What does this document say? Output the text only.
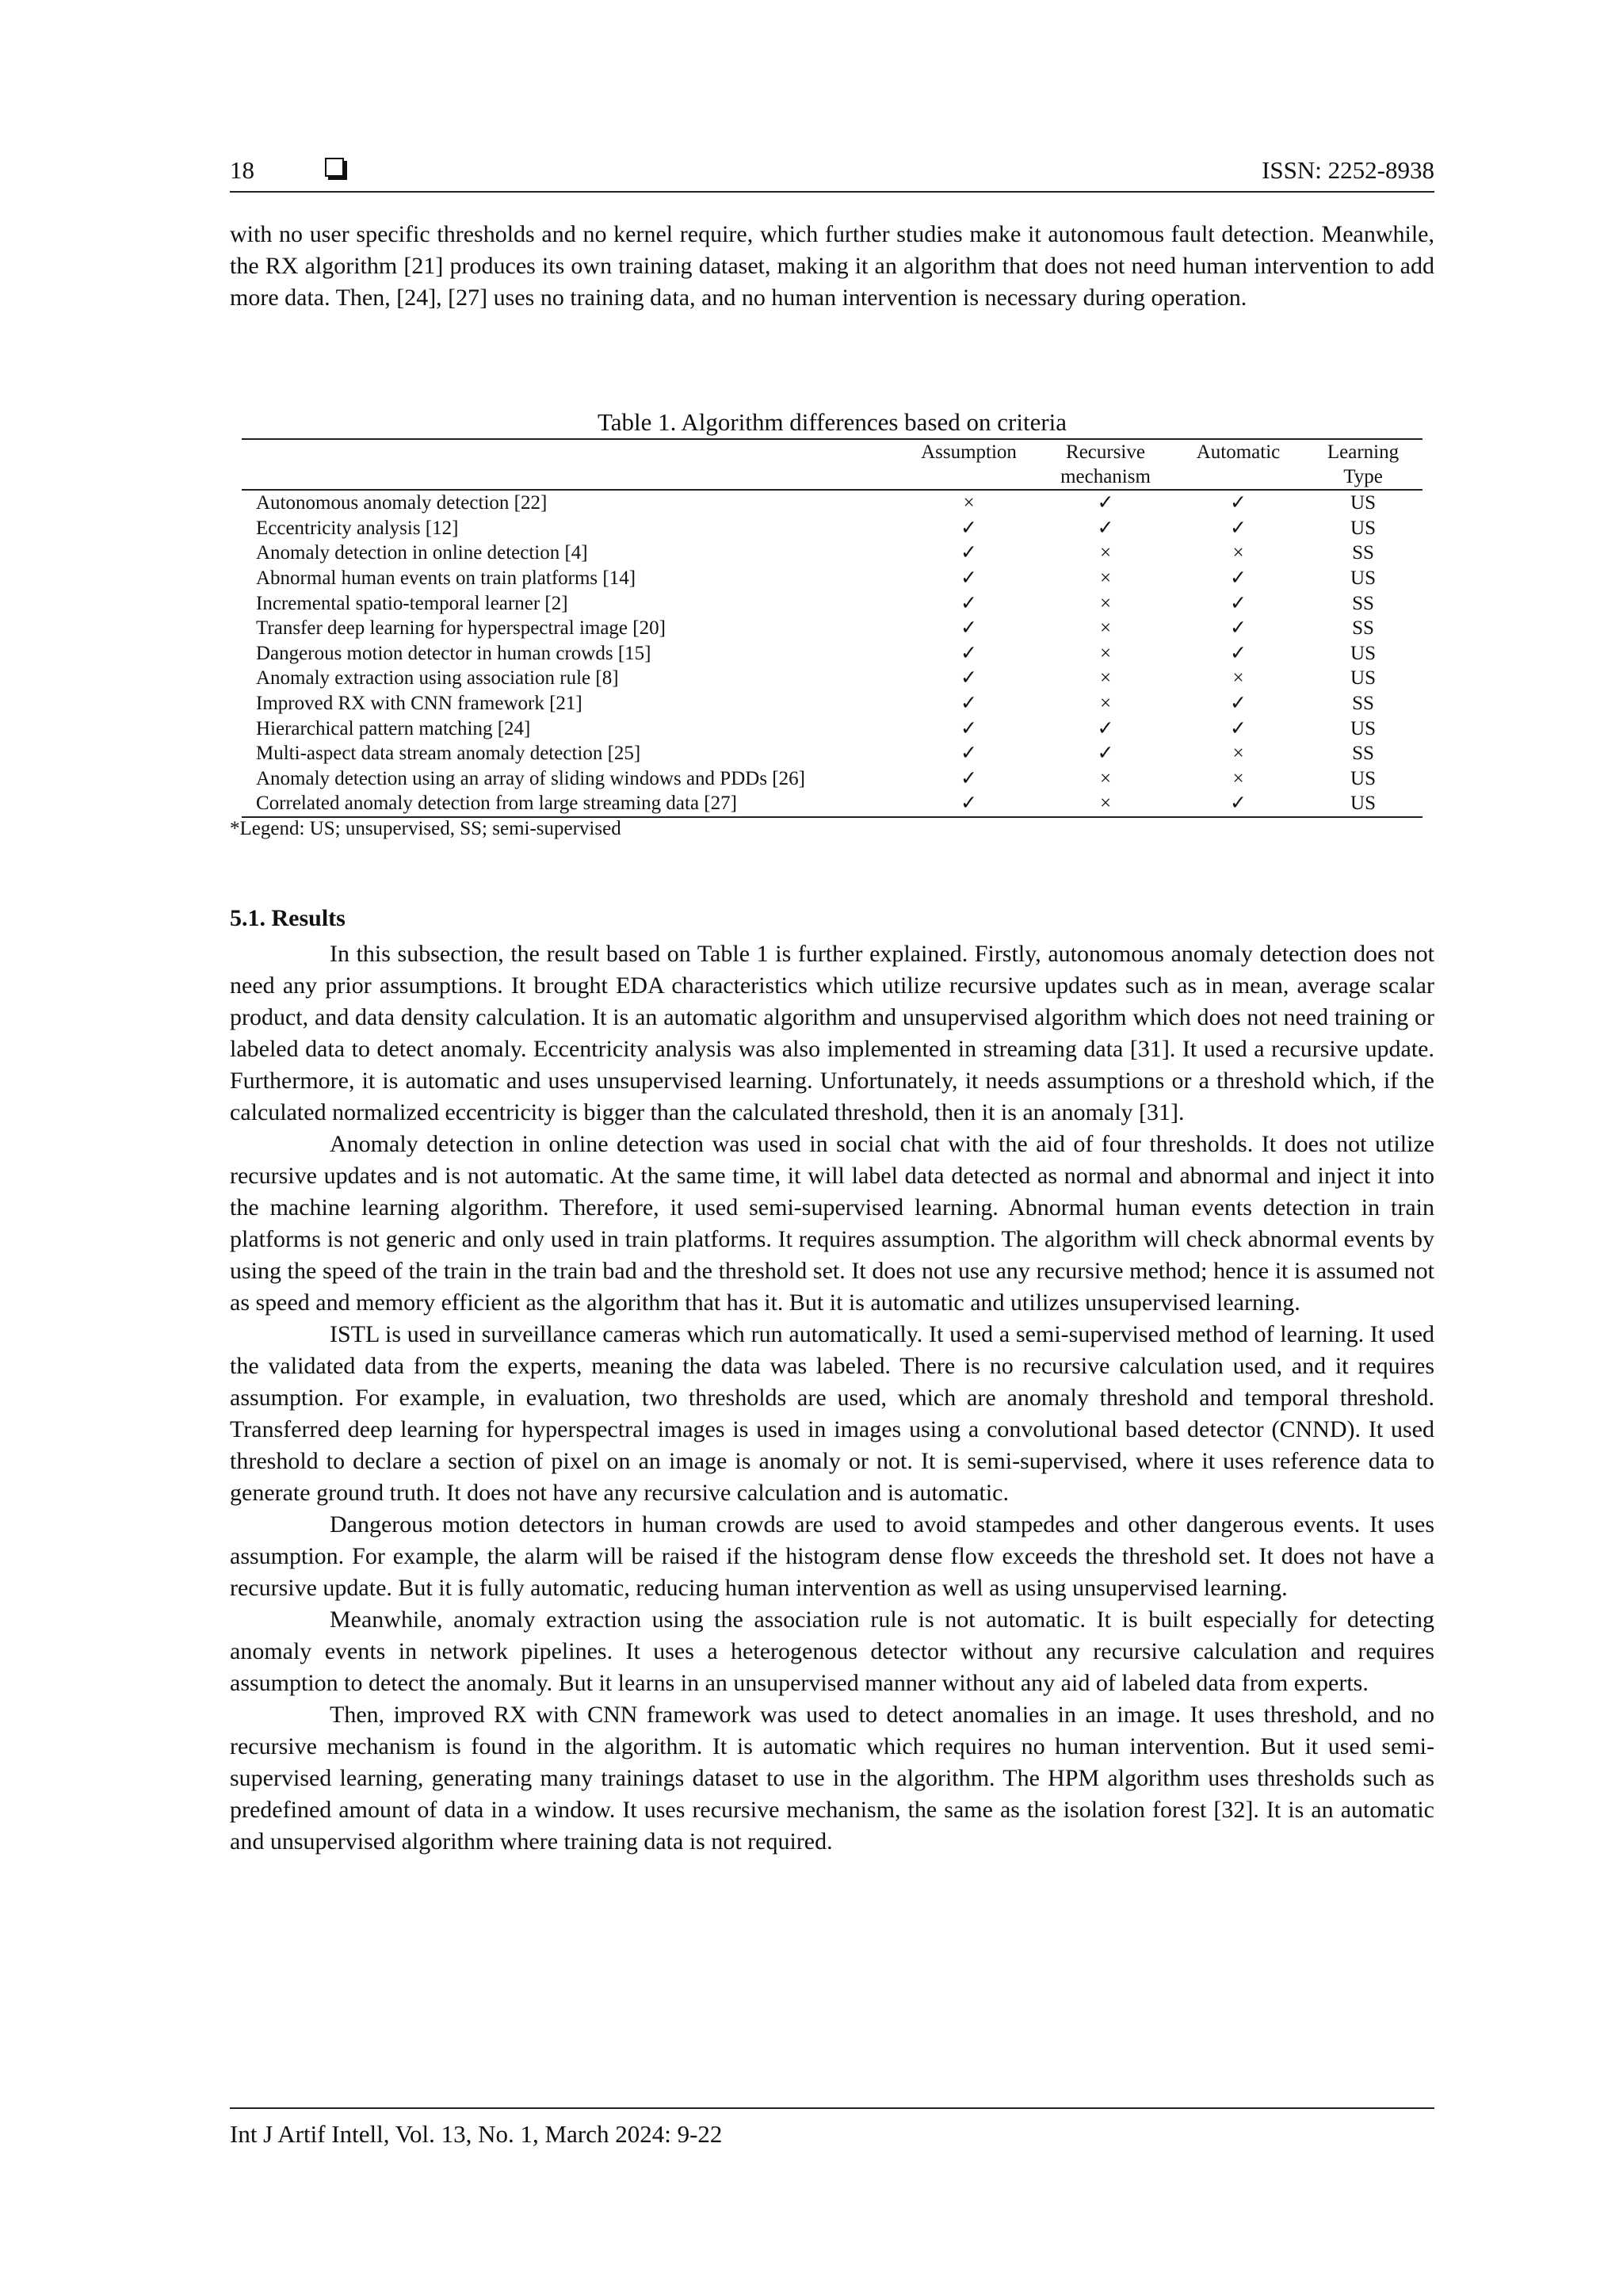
18	ISSN: 2252-8938

with no user specific thresholds and no kernel require, which further studies make it autonomous fault detection. Meanwhile, the RX algorithm [21] produces its own training dataset, making it an algorithm that does not need human intervention to add more data. Then, [24], [27] uses no training data, and no human intervention is necessary during operation.

Table 1. Algorithm differences based on criteria
	Assumption	Recursive mechanism	Automatic	Learning Type
Autonomous anomaly detection [22]	×	✓	✓	US
Eccentricity analysis [12]	✓	✓	✓	US
Anomaly detection in online detection [4]	✓	×	×	SS
Abnormal human events on train platforms [14]	✓	×	✓	US
Incremental spatio-temporal learner [2]	✓	×	✓	SS
Transfer deep learning for hyperspectral image [20]	✓	×	✓	SS
Dangerous motion detector in human crowds [15]	✓	×	✓	US
Anomaly extraction using association rule [8]	✓	×	×	US
Improved RX with CNN framework [21]	✓	×	✓	SS
Hierarchical pattern matching [24]	✓	✓	✓	US
Multi-aspect data stream anomaly detection [25]	✓	✓	×	SS
Anomaly detection using an array of sliding windows and PDDs [26]	✓	×	×	US
Correlated anomaly detection from large streaming data [27]	✓	×	✓	US
*Legend: US; unsupervised, SS; semi-supervised
5.1. Results

In this subsection, the result based on Table 1 is further explained. Firstly, autonomous anomaly detection does not need any prior assumptions. It brought EDA characteristics which utilize recursive updates such as in mean, average scalar product, and data density calculation. It is an automatic algorithm and unsupervised algorithm which does not need training or labeled data to detect anomaly. Eccentricity analysis was also implemented in streaming data [31]. It used a recursive update. Furthermore, it is automatic and uses unsupervised learning. Unfortunately, it needs assumptions or a threshold which, if the calculated normalized eccentricity is bigger than the calculated threshold, then it is an anomaly [31].

Anomaly detection in online detection was used in social chat with the aid of four thresholds. It does not utilize recursive updates and is not automatic. At the same time, it will label data detected as normal and abnormal and inject it into the machine learning algorithm. Therefore, it used semi-supervised learning. Abnormal human events detection in train platforms is not generic and only used in train platforms. It requires assumption. The algorithm will check abnormal events by using the speed of the train in the train bad and the threshold set. It does not use any recursive method; hence it is assumed not as speed and memory efficient as the algorithm that has it. But it is automatic and utilizes unsupervised learning.

ISTL is used in surveillance cameras which run automatically. It used a semi-supervised method of learning. It used the validated data from the experts, meaning the data was labeled. There is no recursive calculation used, and it requires assumption. For example, in evaluation, two thresholds are used, which are anomaly threshold and temporal threshold. Transferred deep learning for hyperspectral images is used in images using a convolutional based detector (CNND). It used threshold to declare a section of pixel on an image is anomaly or not. It is semi-supervised, where it uses reference data to generate ground truth. It does not have any recursive calculation and is automatic.

Dangerous motion detectors in human crowds are used to avoid stampedes and other dangerous events. It uses assumption. For example, the alarm will be raised if the histogram dense flow exceeds the threshold set. It does not have a recursive update. But it is fully automatic, reducing human intervention as well as using unsupervised learning.

Meanwhile, anomaly extraction using the association rule is not automatic. It is built especially for detecting anomaly events in network pipelines. It uses a heterogenous detector without any recursive calculation and requires assumption to detect the anomaly. But it learns in an unsupervised manner without any aid of labeled data from experts.

Then, improved RX with CNN framework was used to detect anomalies in an image. It uses threshold, and no recursive mechanism is found in the algorithm. It is automatic which requires no human intervention. But it used semi-supervised learning, generating many trainings dataset to use in the algorithm. The HPM algorithm uses thresholds such as predefined amount of data in a window. It uses recursive mechanism, the same as the isolation forest [32]. It is an automatic and unsupervised algorithm where training data is not required.

Int J Artif Intell, Vol. 13, No. 1, March 2024: 9-22
